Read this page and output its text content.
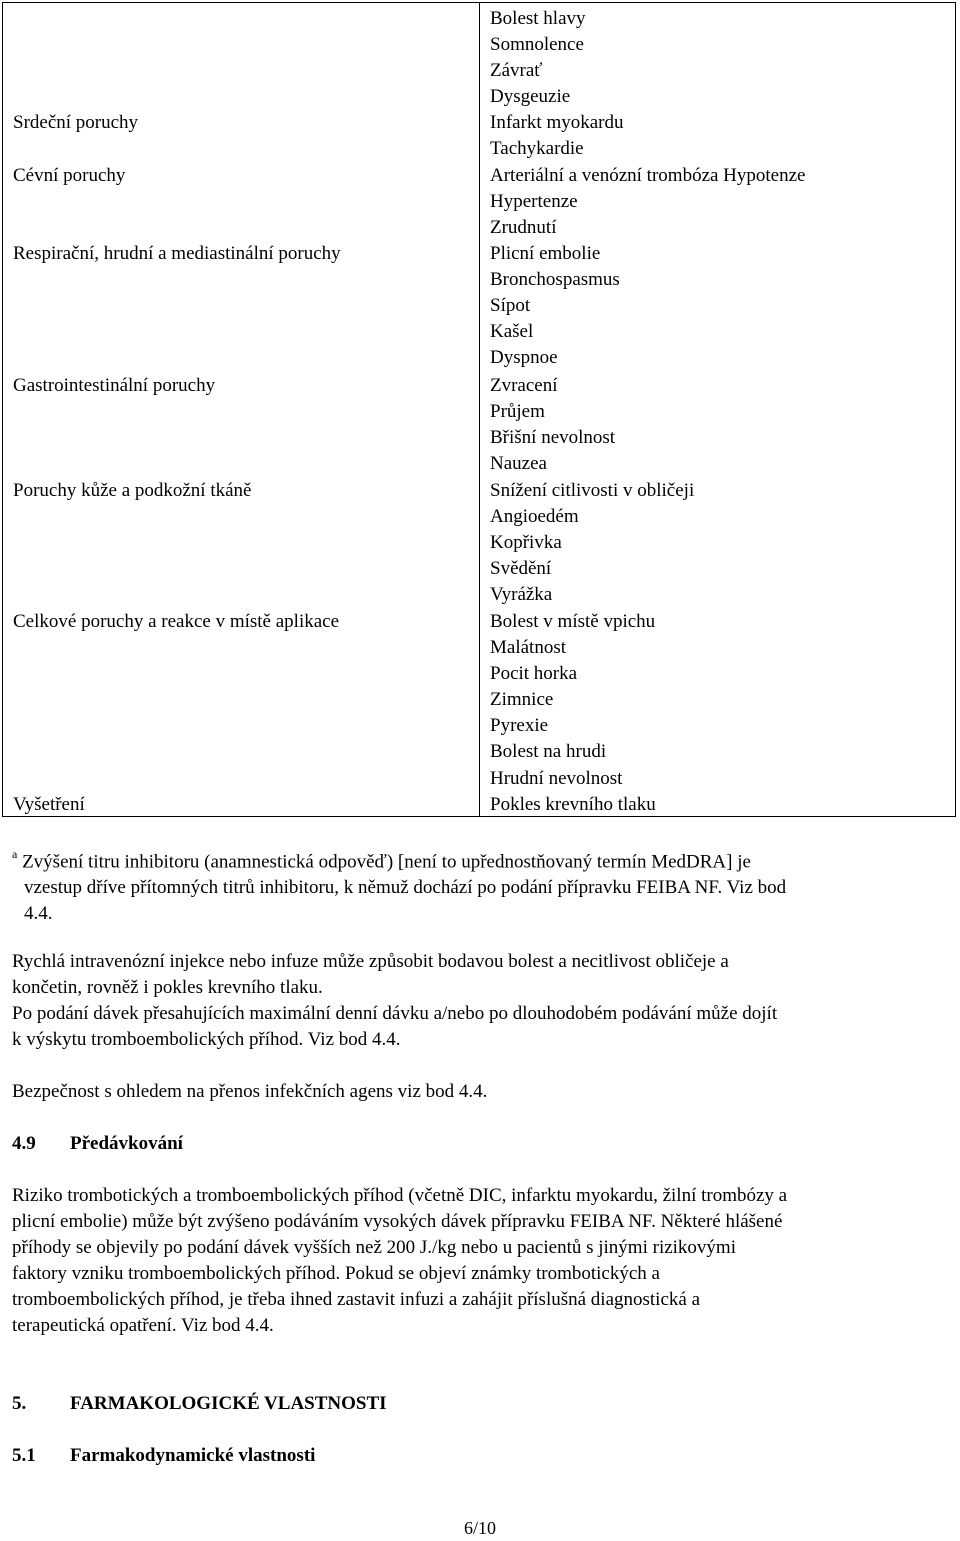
Bolest hlavy
Somnolence
Závrať
Dysgeuzie
Srdeční poruchy	Infarkt myokardu
Tachykardie
Cévní poruchy	Arteriální a venózní trombóza Hypotenze
Hypertenze
Zrudnutí
Respirační, hrudní a mediastinální poruchy	Plicní embolie
Bronchospasmus
Sípot
Kašel
Dyspnoe
Gastrointestinální poruchy	Zvracení
Průjem
Břišní nevolnost
Nauzea
Poruchy kůže a podkožní tkáně	Snížení citlivosti v obličeji
Angioedém
Kopřivka
Svědění
Vyrážka
Celkové poruchy a reakce v místě aplikace	Bolest v místě vpichu
Malátnost
Pocit horka
Zimnice
Pyrexie
Bolest na hrudi
Hrudní nevolnost
Vyšetření	Pokles krevního tlaku
$^a$ Zvýšení titru inhibitoru (anamnestická odpověď) [není to upřednostňovaný termín MedDRA] je
vzestup dříve přítomných titrů inhibitoru, k němuž dochází po podání přípravku FEIBA NF. Viz bod
4.4.
Rychlá intravenózní injekce nebo infuze může způsobit bodavou bolest a necitlivost obličeje a
končetin, rovněž i pokles krevního tlaku.
Po podání dávek přesahujících maximální denní dávku a/nebo po dlouhodobém podávání může dojít
k výskytu tromboembolických příhod. Viz bod 4.4.
Bezpečnost s ohledem na přenos infekčních agens viz bod 4.4.
4.9 Předávkování
Riziko trombotických a tromboembolických příhod (včetně DIC, infarktu myokardu, žilní trombózy a
plicní embolie) může být zvýšeno podáváním vysokých dávek přípravku FEIBA NF. Některé hlášené
příhody se objevily po podání dávek vyšších než 200 J./kg nebo u pacientů s jinými rizikovými
faktory vzniku tromboembolických příhod. Pokud se objeví známky trombotických a
tromboembolických příhod, je třeba ihned zastavit infuzi a zahájit příslušná diagnostická a
terapeutická opatření. Viz bod 4.4.
5. FARMAKOLOGICKÉ VLASTNOSTI
5.1 Farmakodynamické vlastnosti
6/10
